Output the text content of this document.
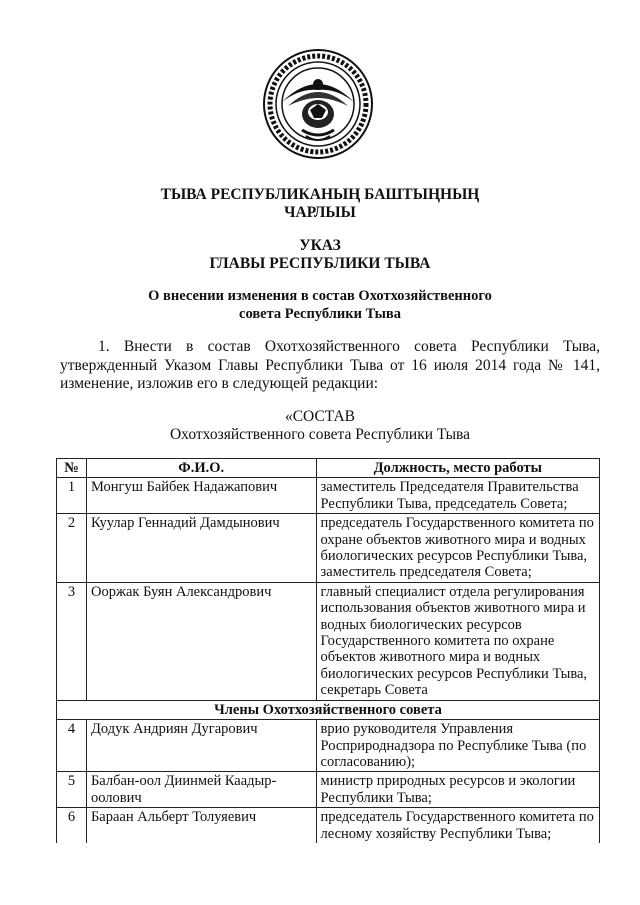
ТЫВА РЕСПУБЛИКАНЫҢ БАШТЫҢНЫҢ
ЧАРЛЫЫ
УКАЗ
ГЛАВЫ РЕСПУБЛИКИ ТЫВА
О внесении изменения в состав Охотхозяйственного
совета Республики Тыва
1. Внести в состав Охотхозяйственного совета Республики Тыва,
утвержденный Указом Главы Республики Тыва от 16 июля 2014 года № 141,
изменение, изложив его в следующей редакции:
«СОСТАВ
Охотхозяйственного совета Республики Тыва
№	Ф.И.О.	Должность, место работы
1	Монгуш Байбек Надажапович	заместитель Председателя Правительства Республики Тыва, председатель Совета;
2	Куулар Геннадий Дамдынович	председатель Государственного комитета по охране объектов животного мира и водных биологических ресурсов Республики Тыва, заместитель председателя Совета;
3	Ооржак Буян Александрович	главный специалист отдела регулирования использования объектов животного мира и водных биологических ресурсов Государственного комитета по охране объектов животного мира и водных биологических ресурсов Республики Тыва, секретарь Совета
Члены Охотхозяйственного совета		
4	Додук Андриян Дугарович	врио руководителя Управления Росприроднадзора по Республике Тыва (по согласованию);
5	Балбан-оол Диинмей Каадыр-оолович	министр природных ресурсов и экологии Республики Тыва;
6	Бараан Альберт Толуяевич	председатель Государственного комитета по лесному хозяйству Республики Тыва;
